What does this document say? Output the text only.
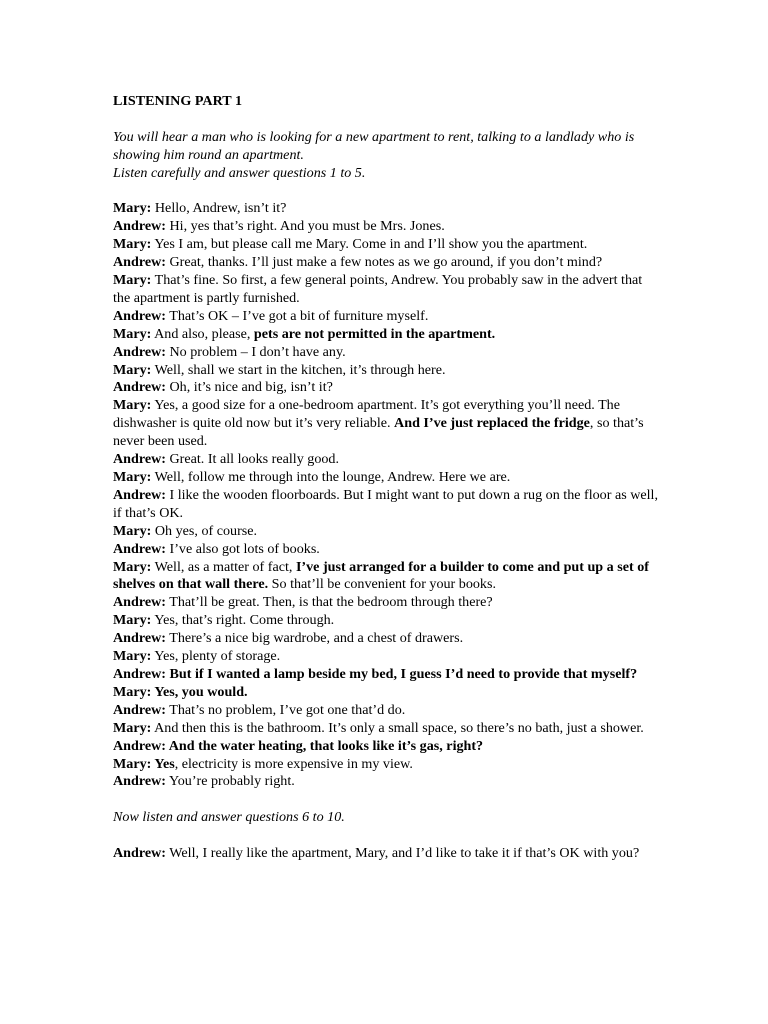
LISTENING PART 1

You will hear a man who is looking for a new apartment to rent, talking to a landlady who is showing him round an apartment.
Listen carefully and answer questions 1 to 5.

Mary: Hello, Andrew, isn’t it?

Andrew: Hi, yes that’s right. And you must be Mrs. Jones.

Mary: Yes I am, but please call me Mary. Come in and I’ll show you the apartment.

Andrew: Great, thanks. I’ll just make a few notes as we go around, if you don’t mind?

Mary: That’s fine. So first, a few general points, Andrew. You probably saw in the advert that the apartment is partly furnished.

Andrew: That’s OK – I’ve got a bit of furniture myself.

Mary: And also, please, pets are not permitted in the apartment.

Andrew: No problem – I don’t have any.

Mary: Well, shall we start in the kitchen, it’s through here.

Andrew: Oh, it’s nice and big, isn’t it?

Mary: Yes, a good size for a one-bedroom apartment. It’s got everything you’ll need. The dishwasher is quite old now but it’s very reliable. And I’ve just replaced the fridge, so that’s never been used.

Andrew: Great. It all looks really good.

Mary: Well, follow me through into the lounge, Andrew. Here we are.

Andrew: I like the wooden floorboards. But I might want to put down a rug on the floor as well, if that’s OK.

Mary: Oh yes, of course.

Andrew: I’ve also got lots of books.

Mary: Well, as a matter of fact, I’ve just arranged for a builder to come and put up a set of shelves on that wall there. So that’ll be convenient for your books.

Andrew: That’ll be great. Then, is that the bedroom through there?

Mary: Yes, that’s right. Come through.

Andrew: There’s a nice big wardrobe, and a chest of drawers.

Mary: Yes, plenty of storage.

Andrew: But if I wanted a lamp beside my bed, I guess I’d need to provide that myself?

Mary: Yes, you would.

Andrew: That’s no problem, I’ve got one that’d do.

Mary: And then this is the bathroom. It’s only a small space, so there’s no bath, just a shower.

Andrew: And the water heating, that looks like it’s gas, right?

Mary: Yes, electricity is more expensive in my view.

Andrew: You’re probably right.

Now listen and answer questions 6 to 10.

Andrew: Well, I really like the apartment, Mary, and I’d like to take it if that’s OK with you?
